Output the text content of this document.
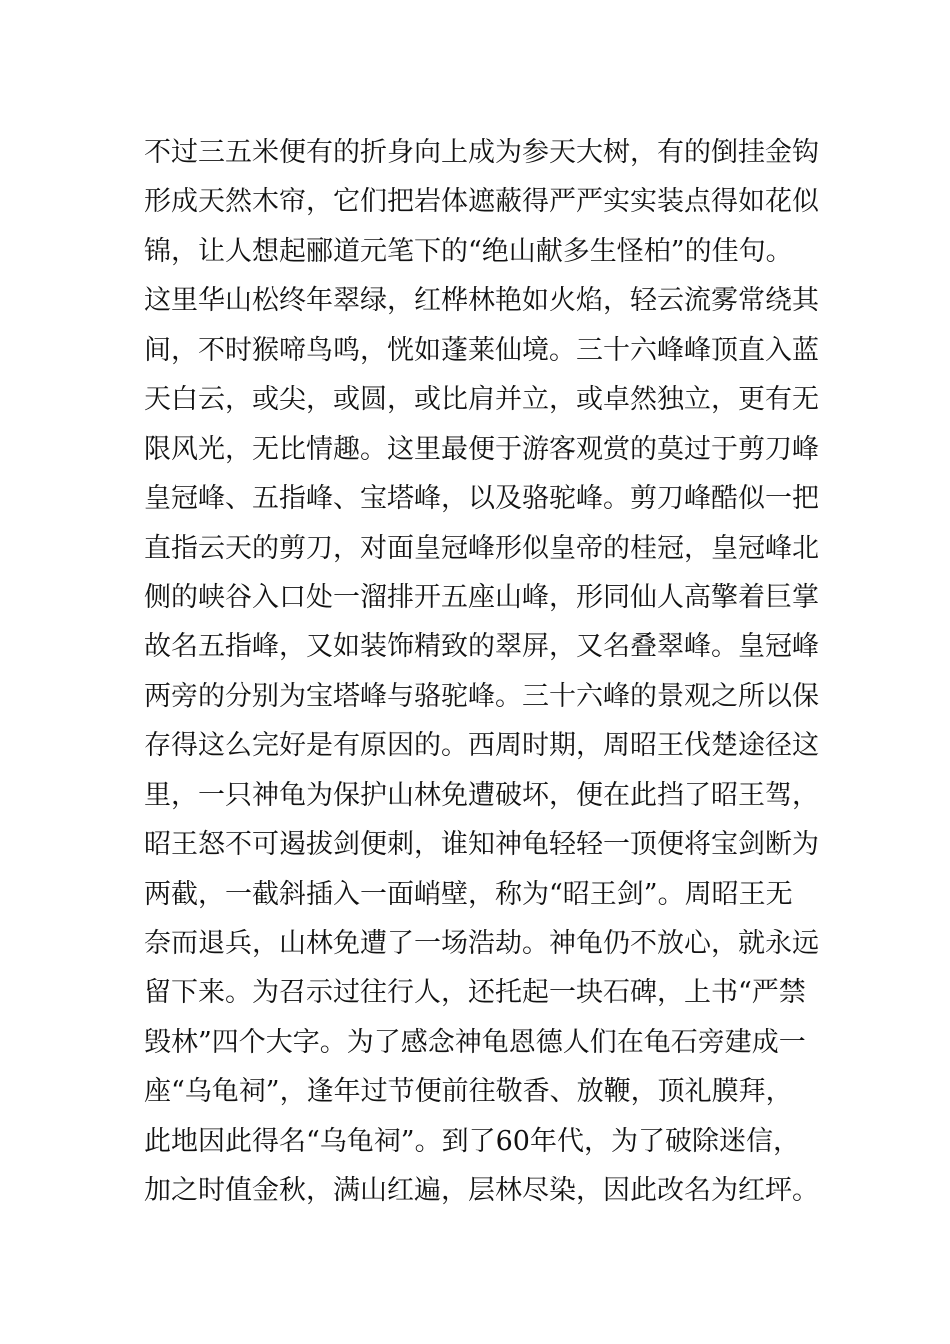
不过三五米便有的折身向上成为参天大树，有的倒挂金钩
形成天然木帘，它们把岩体遮蔽得严严实实装点得如花似
锦，让人想起郦道元笔下的“绝山献多生怪柏”的佳句。
这里华山松终年翠绿，红桦林艳如火焰，轻云流雾常绕其
间，不时猴啼鸟鸣，恍如蓬莱仙境。三十六峰峰顶直入蓝
天白云，或尖，或圆，或比肩并立，或卓然独立，更有无
限风光，无比情趣。这里最便于游客观赏的莫过于剪刀峰
皇冠峰、五指峰、宝塔峰，以及骆驼峰。剪刀峰酷似一把
直指云天的剪刀，对面皇冠峰形似皇帝的桂冠，皇冠峰北
侧的峡谷入口处一溜排开五座山峰，形同仙人高擎着巨掌
故名五指峰，又如装饰精致的翠屏，又名叠翠峰。皇冠峰
两旁的分别为宝塔峰与骆驼峰。三十六峰的景观之所以保
存得这么完好是有原因的。西周时期，周昭王伐楚途径这
里，一只神龟为保护山林免遭破坏，便在此挡了昭王驾，
昭王怒不可遏拔剑便刺，谁知神龟轻轻一顶便将宝剑断为
两截，一截斜插入一面峭壁，称为“昭王剑”。周昭王无
奈而退兵，山林免遭了一场浩劫。神龟仍不放心，就永远
留下来。为召示过往行人，还托起一块石碑，上书“严禁
毁林”四个大字。为了感念神龟恩德人们在龟石旁建成一
座“乌龟祠”，逢年过节便前往敬香、放鞭，顶礼膜拜，
此地因此得名“乌龟祠”。到了60年代，为了破除迷信，
加之时值金秋，满山红遍，层林尽染，因此改名为红坪。
